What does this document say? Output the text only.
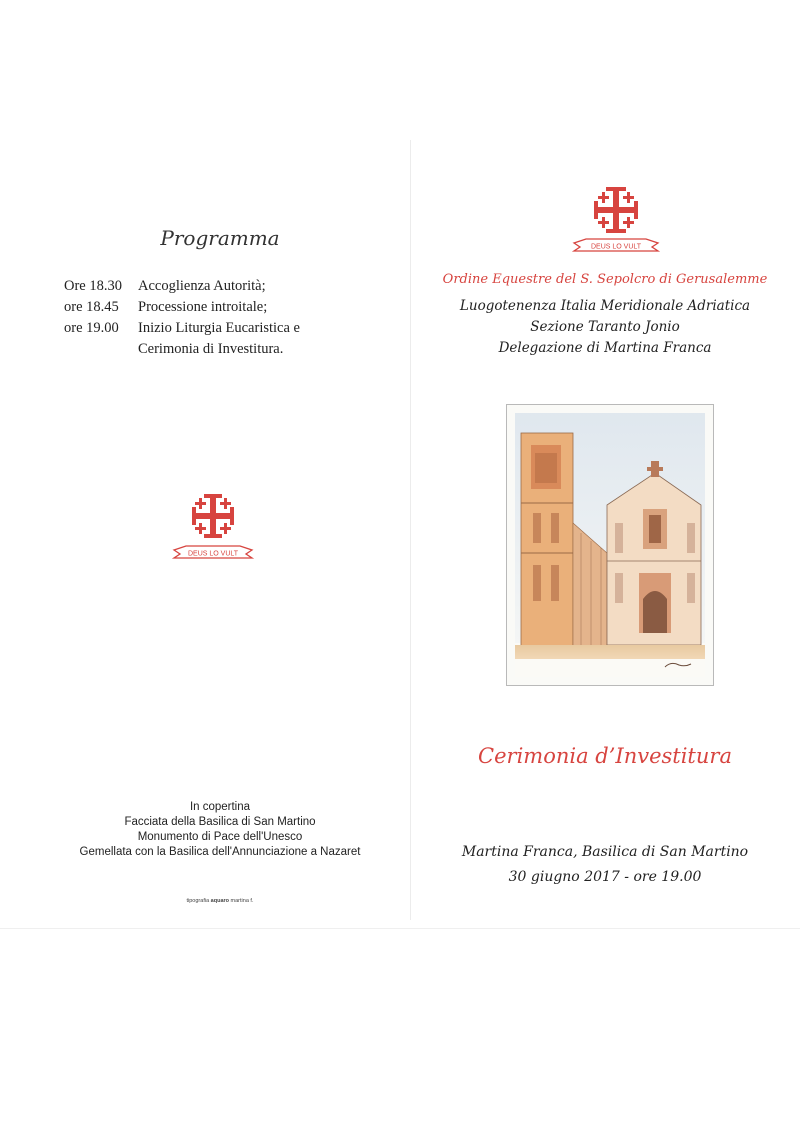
Programma
Ore 18.30	Accoglienza Autorità;
ore 18.45	Processione introitale;
ore 19.00	Inizio Liturgia Eucaristica e
Cerimonia di Investitura.
DEUS LO VULT
In copertina
Facciata della Basilica di San Martino
Monumento di Pace dell'Unesco
Gemellata con la Basilica dell'Annunciazione a Nazaret
tipografia aquaro martina f.
DEUS LO VULT
Ordine Equestre del S. Sepolcro di Gerusalemme
Luogotenenza Italia Meridionale Adriatica
Sezione Taranto Jonio
Delegazione di Martina Franca
Cerimonia d’Investitura
Martina Franca, Basilica di San Martino
30 giugno 2017 - ore 19.00
